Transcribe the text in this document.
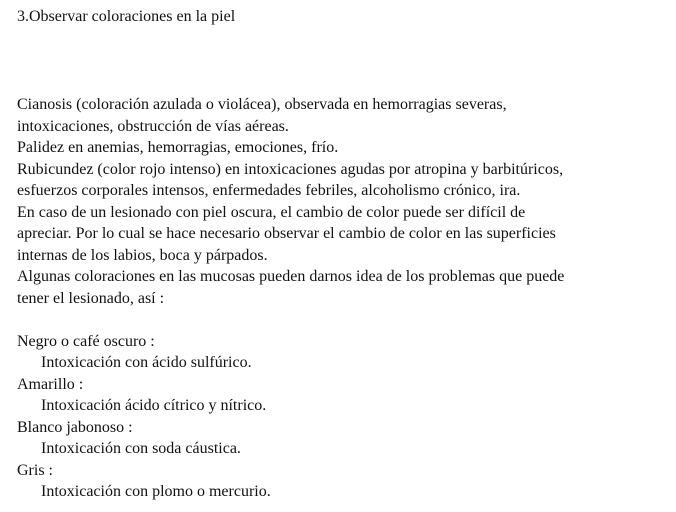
3.Observar coloraciones en la piel
Cianosis (coloración azulada o violácea), observada en hemorragias severas,
intoxicaciones, obstrucción de vías aéreas.
Palidez en anemias, hemorragias, emociones, frío.
Rubicundez (color rojo intenso) en intoxicaciones agudas por atropina y barbitúricos,
esfuerzos corporales intensos, enfermedades febriles, alcoholismo crónico, ira.
En caso de un lesionado con piel oscura, el cambio de color puede ser difícil de
apreciar. Por lo cual se hace necesario observar el cambio de color en las superficies
internas de los labios, boca y párpados.
Algunas coloraciones en las mucosas pueden darnos idea de los problemas que puede
tener el lesionado, así :
Negro o café oscuro :
Intoxicación con ácido sulfúrico.
Amarillo :
Intoxicación ácido cítrico y nítrico.
Blanco jabonoso :
Intoxicación con soda cáustica.
Gris :
Intoxicación con plomo o mercurio.
